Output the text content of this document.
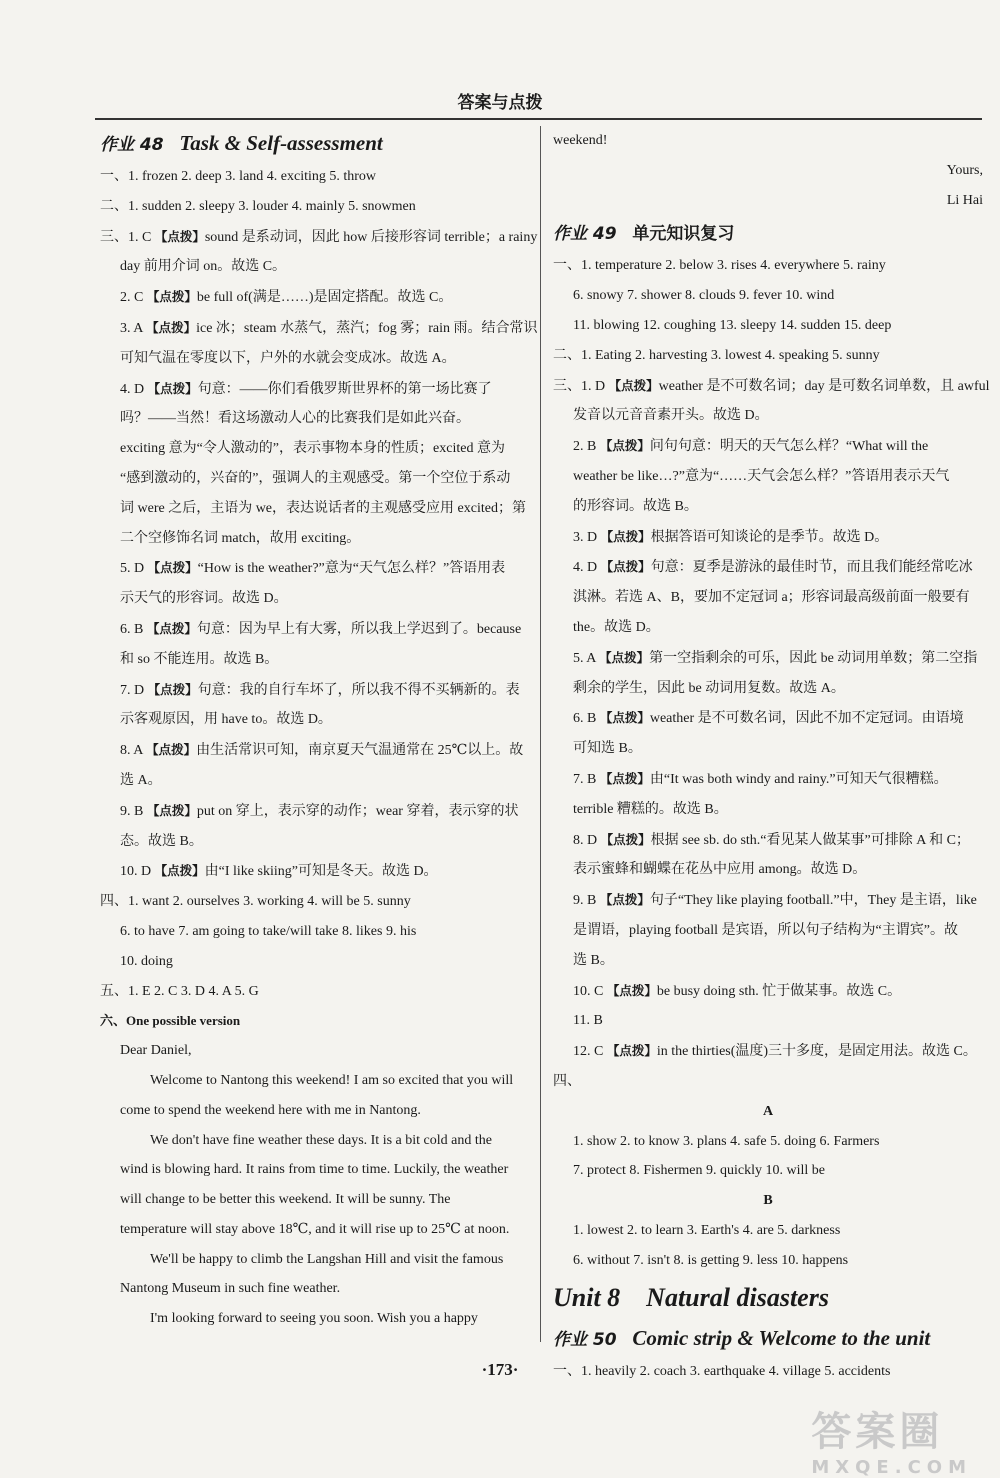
答案与点拨
作业 48 Task & Self-assessment
一、1. frozen 2. deep 3. land 4. exciting 5. throw
二、1. sudden 2. sleepy 3. louder 4. mainly 5. snowmen
三、1. C 【点拨】sound 是系动词，因此 how 后接形容词 terrible；a rainy
day 前用介词 on。故选 C。
2. C 【点拨】be full of(满是……)是固定搭配。故选 C。
3. A 【点拨】ice 冰；steam 水蒸气，蒸汽；fog 雾；rain 雨。结合常识
可知气温在零度以下，户外的水就会变成冰。故选 A。
4. D 【点拨】句意：——你们看俄罗斯世界杯的第一场比赛了
吗？——当然！看这场激动人心的比赛我们是如此兴奋。
exciting 意为“令人激动的”，表示事物本身的性质；excited 意为
“感到激动的，兴奋的”，强调人的主观感受。第一个空位于系动
词 were 之后，主语为 we，表达说话者的主观感受应用 excited；第
二个空修饰名词 match，故用 exciting。
5. D 【点拨】“How is the weather?”意为“天气怎么样？”答语用表
示天气的形容词。故选 D。
6. B 【点拨】句意：因为早上有大雾，所以我上学迟到了。because
和 so 不能连用。故选 B。
7. D 【点拨】句意：我的自行车坏了，所以我不得不买辆新的。表
示客观原因，用 have to。故选 D。
8. A 【点拨】由生活常识可知，南京夏天气温通常在 25℃以上。故
选 A。
9. B 【点拨】put on 穿上，表示穿的动作；wear 穿着，表示穿的状
态。故选 B。
10. D 【点拨】由“I like skiing”可知是冬天。故选 D。
四、1. want 2. ourselves 3. working 4. will be 5. sunny
6. to have 7. am going to take/will take 8. likes 9. his
10. doing
五、1. E 2. C 3. D 4. A 5. G
六、One possible version
Dear Daniel,
Welcome to Nantong this weekend! I am so excited that you will
come to spend the weekend here with me in Nantong.
We don't have fine weather these days. It is a bit cold and the
wind is blowing hard. It rains from time to time. Luckily, the weather
will change to be better this weekend. It will be sunny. The
temperature will stay above 18℃, and it will rise up to 25℃ at noon.
We'll be happy to climb the Langshan Hill and visit the famous
Nantong Museum in such fine weather.
I'm looking forward to seeing you soon. Wish you a happy
weekend!
Yours,
Li Hai
作业 49 单元知识复习
一、1. temperature 2. below 3. rises 4. everywhere 5. rainy
6. snowy 7. shower 8. clouds 9. fever 10. wind
11. blowing 12. coughing 13. sleepy 14. sudden 15. deep
二、1. Eating 2. harvesting 3. lowest 4. speaking 5. sunny
三、1. D 【点拨】weather 是不可数名词；day 是可数名词单数，且 awful
发音以元音音素开头。故选 D。
2. B 【点拨】问句句意：明天的天气怎么样？“What will the
weather be like…?”意为“……天气会怎么样？”答语用表示天气
的形容词。故选 B。
3. D 【点拨】根据答语可知谈论的是季节。故选 D。
4. D 【点拨】句意：夏季是游泳的最佳时节，而且我们能经常吃冰
淇淋。若选 A、B，要加不定冠词 a；形容词最高级前面一般要有
the。故选 D。
5. A 【点拨】第一空指剩余的可乐，因此 be 动词用单数；第二空指
剩余的学生，因此 be 动词用复数。故选 A。
6. B 【点拨】weather 是不可数名词，因此不加不定冠词。由语境
可知选 B。
7. B 【点拨】由“It was both windy and rainy.”可知天气很糟糕。
terrible 糟糕的。故选 B。
8. D 【点拨】根据 see sb. do sth.“看见某人做某事”可排除 A 和 C；
表示蜜蜂和蝴蝶在花丛中应用 among。故选 D。
9. B 【点拨】句子“They like playing football.”中，They 是主语，like
是谓语，playing football 是宾语，所以句子结构为“主谓宾”。故
选 B。
10. C 【点拨】be busy doing sth. 忙于做某事。故选 C。
11. B
12. C 【点拨】in the thirties(温度)三十多度，是固定用法。故选 C。
四、
A
1. show 2. to know 3. plans 4. safe 5. doing 6. Farmers
7. protect 8. Fishermen 9. quickly 10. will be
B
1. lowest 2. to learn 3. Earth's 4. are 5. darkness
6. without 7. isn't 8. is getting 9. less 10. happens
Unit 8    Natural disasters
作业 50 Comic strip & Welcome to the unit
一、1. heavily 2. coach 3. earthquake 4. village 5. accidents
·173·
答案圈
MXQE.COM
